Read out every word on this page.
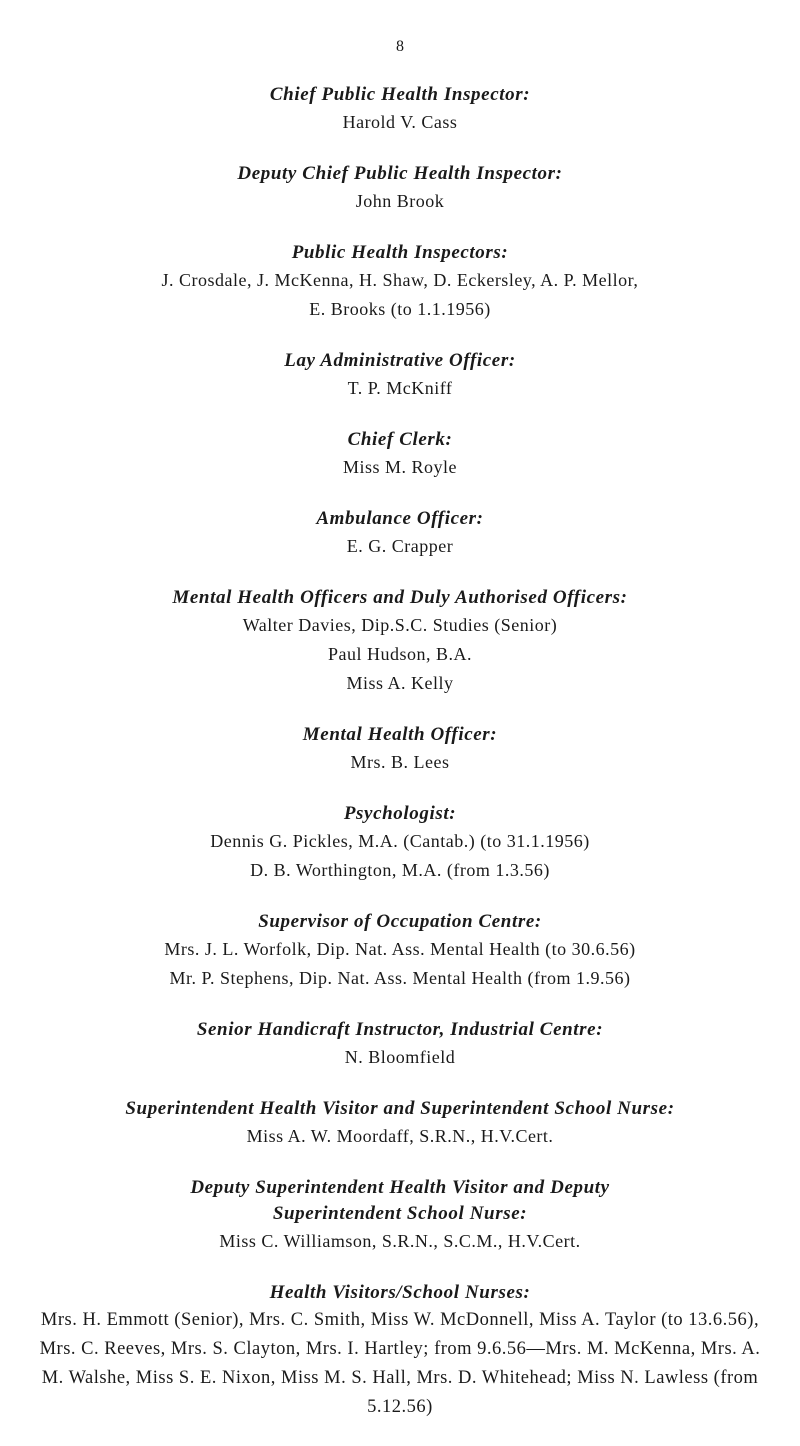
8
Chief Public Health Inspector:
Harold V. Cass
Deputy Chief Public Health Inspector:
John Brook
Public Health Inspectors:
J. Crosdale, J. McKenna, H. Shaw, D. Eckersley, A. P. Mellor,
E. Brooks (to 1.1.1956)
Lay Administrative Officer:
T. P. McKniff
Chief Clerk:
Miss M. Royle
Ambulance Officer:
E. G. Crapper
Mental Health Officers and Duly Authorised Officers:
Walter Davies, Dip.S.C. Studies (Senior)
Paul Hudson, B.A.
Miss A. Kelly
Mental Health Officer:
Mrs. B. Lees
Psychologist:
Dennis G. Pickles, M.A. (Cantab.) (to 31.1.1956)
D. B. Worthington, M.A. (from 1.3.56)
Supervisor of Occupation Centre:
Mrs. J. L. Worfolk, Dip. Nat. Ass. Mental Health (to 30.6.56)
Mr. P. Stephens, Dip. Nat. Ass. Mental Health (from 1.9.56)
Senior Handicraft Instructor, Industrial Centre:
N. Bloomfield
Superintendent Health Visitor and Superintendent School Nurse:
Miss A. W. Moordaff, S.R.N., H.V.Cert.
Deputy Superintendent Health Visitor and Deputy
Superintendent School Nurse:
Miss C. Williamson, S.R.N., S.C.M., H.V.Cert.
Health Visitors/School Nurses:
Mrs. H. Emmott (Senior), Mrs. C. Smith, Miss W. McDonnell, Miss A. Taylor (to 13.6.56), Mrs. C. Reeves, Mrs. S. Clayton, Mrs. I. Hartley; from 9.6.56—Mrs. M. McKenna, Mrs. A. M. Walshe, Miss S. E. Nixon, Miss M. S. Hall, Mrs. D. Whitehead; Miss N. Lawless (from 5.12.56)
